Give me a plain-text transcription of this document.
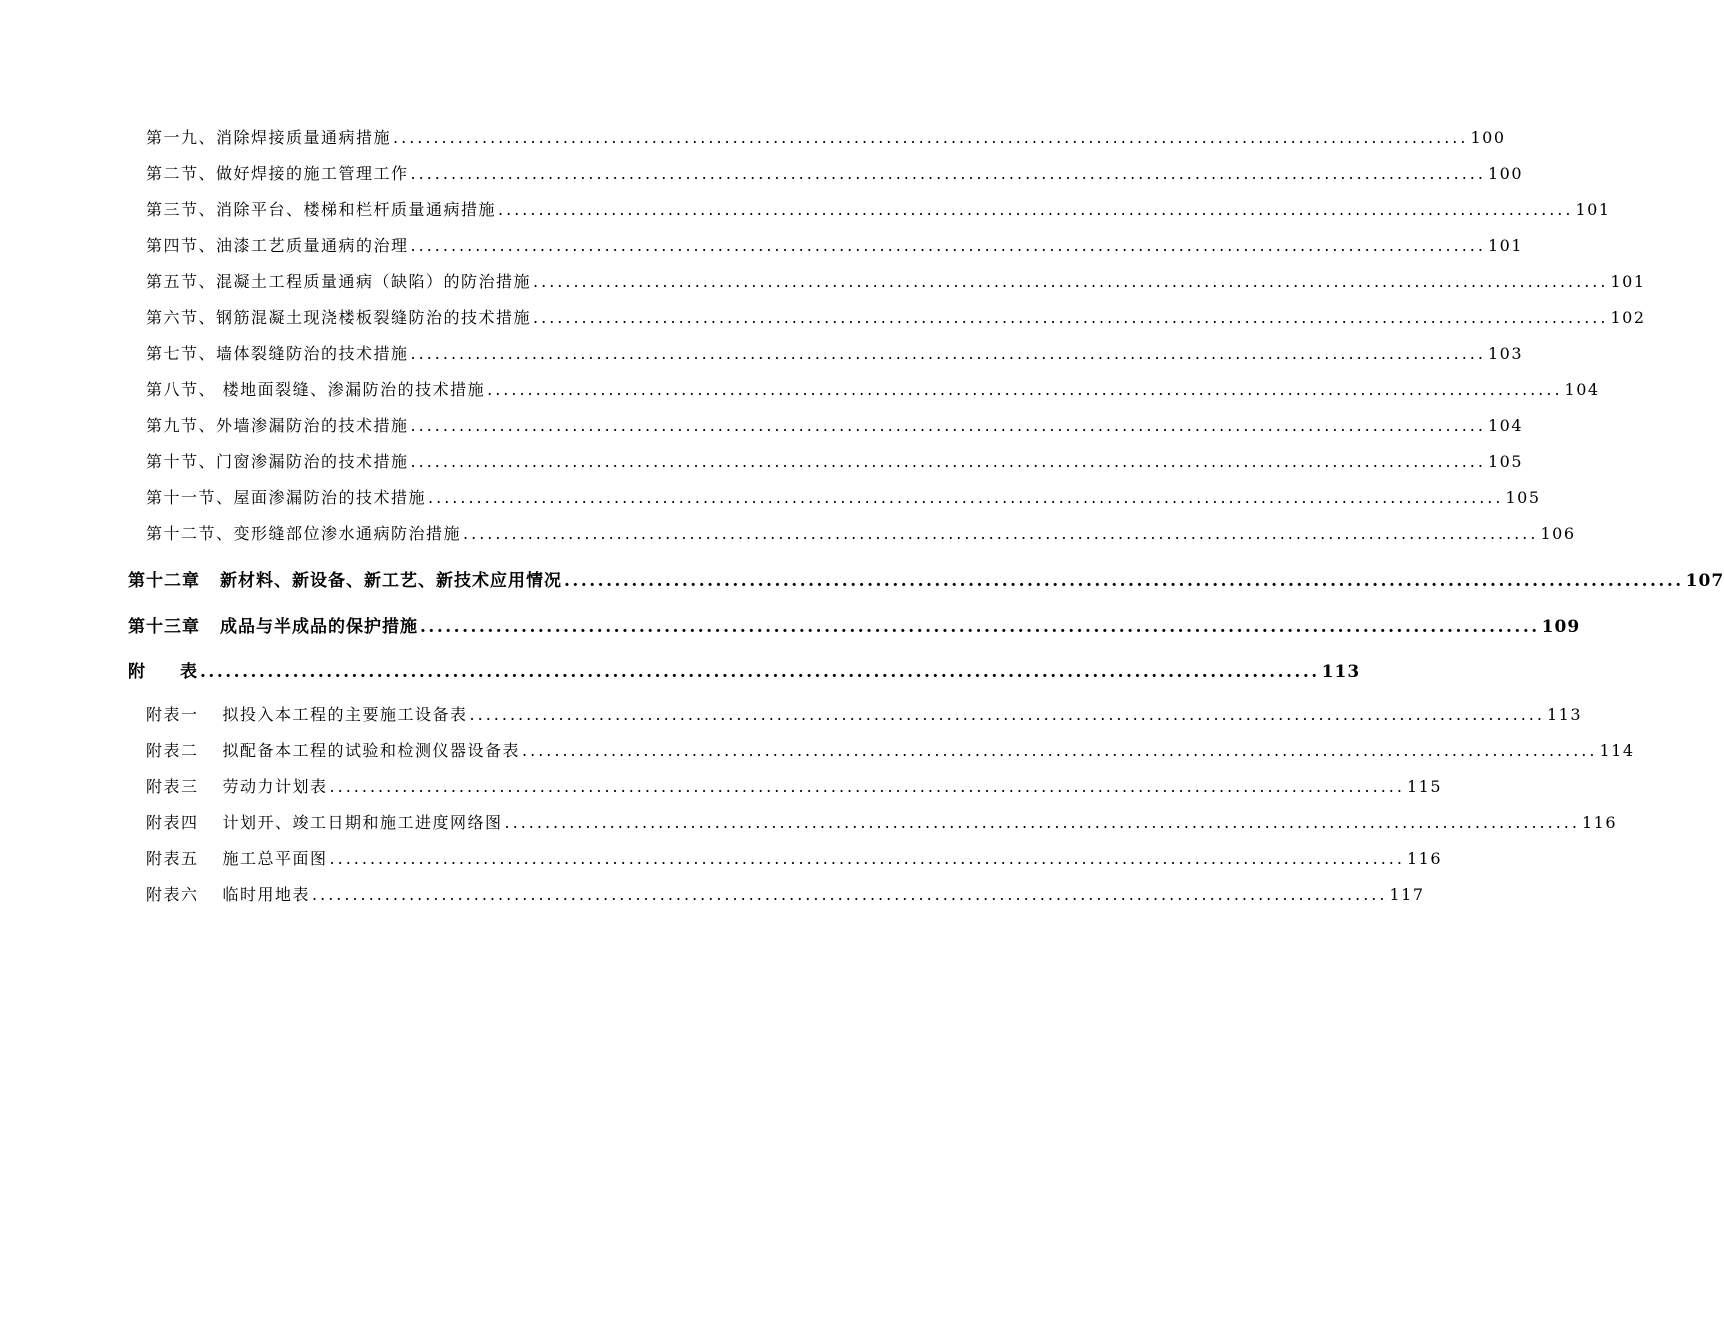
第一九、消除焊接质量通病措施 ..................................................................................................................................... 100
第二节、做好焊接的施工管理工作 ..................................................................................................................................... 100
第三节、消除平台、楼梯和栏杆质量通病措施 ..................................................................................................................................... 101
第四节、油漆工艺质量通病的治理 ..................................................................................................................................... 101
第五节、混凝土工程质量通病（缺陷）的防治措施 ..................................................................................................................................... 101
第六节、钢筋混凝土现浇楼板裂缝防治的技术措施 ..................................................................................................................................... 102
第七节、墙体裂缝防治的技术措施 ..................................................................................................................................... 103
第八节、 楼地面裂缝、渗漏防治的技术措施 ..................................................................................................................................... 104
第九节、外墙渗漏防治的技术措施 ..................................................................................................................................... 104
第十节、门窗渗漏防治的技术措施 ..................................................................................................................................... 105
第十一节、屋面渗漏防治的技术措施 ..................................................................................................................................... 105
第十二节、变形缝部位渗水通病防治措施 ..................................................................................................................................... 106
第十二章 新材料、新设备、新工艺、新技术应用情况 ..................................................................................................................................... 107
第十三章 成品与半成品的保护措施 ..................................................................................................................................... 109
附 表 ..................................................................................................................................... 113
附表一 拟投入本工程的主要施工设备表 ..................................................................................................................................... 113
附表二 拟配备本工程的试验和检测仪器设备表 ..................................................................................................................................... 114
附表三 劳动力计划表 ..................................................................................................................................... 115
附表四 计划开、竣工日期和施工进度网络图 ..................................................................................................................................... 116
附表五 施工总平面图 ..................................................................................................................................... 116
附表六 临时用地表 ..................................................................................................................................... 117
